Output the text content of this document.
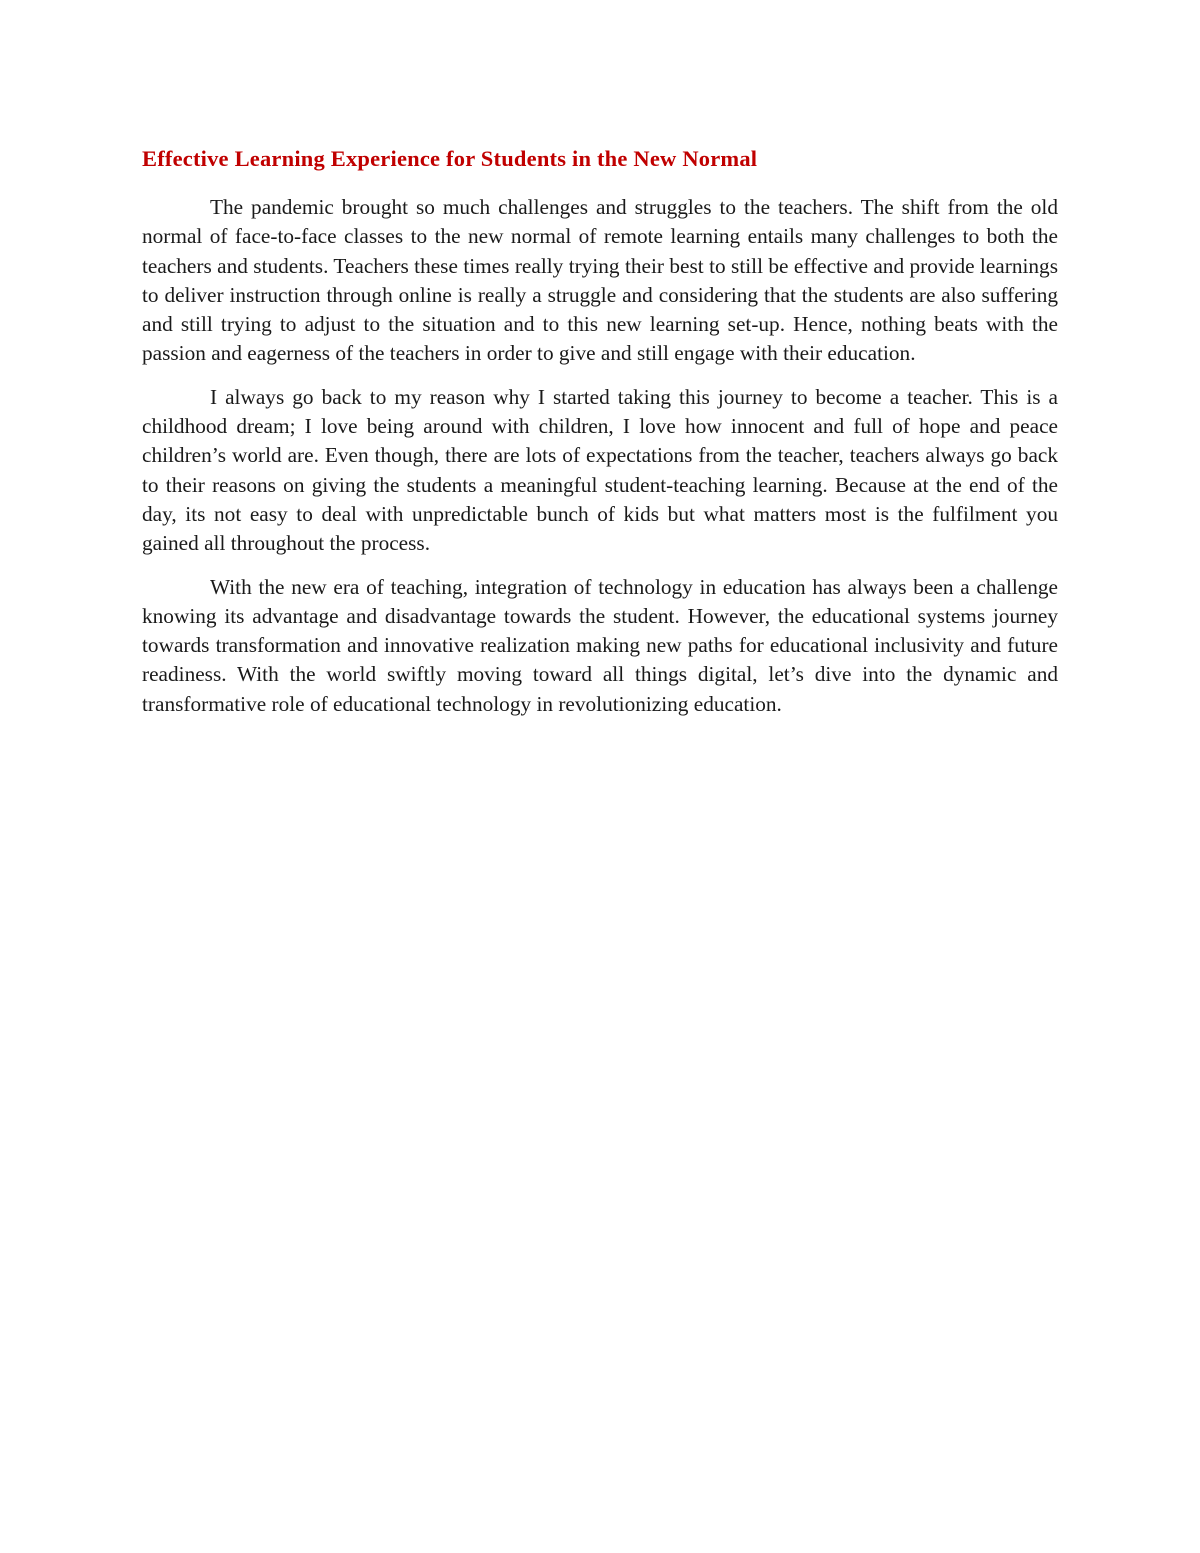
Effective Learning Experience for Students in the New Normal

The pandemic brought so much challenges and struggles to the teachers. The shift from the old normal of face-to-face classes to the new normal of remote learning entails many challenges to both the teachers and students. Teachers these times really trying their best to still be effective and provide learnings to deliver instruction through online is really a struggle and considering that the students are also suffering and still trying to adjust to the situation and to this new learning set-up. Hence, nothing beats with the passion and eagerness of the teachers in order to give and still engage with their education.

I always go back to my reason why I started taking this journey to become a teacher. This is a childhood dream; I love being around with children, I love how innocent and full of hope and peace children’s world are. Even though, there are lots of expectations from the teacher, teachers always go back to their reasons on giving the students a meaningful student-teaching learning. Because at the end of the day, its not easy to deal with unpredictable bunch of kids but what matters most is the fulfilment you gained all throughout the process.

With the new era of teaching, integration of technology in education has always been a challenge knowing its advantage and disadvantage towards the student. However, the educational systems journey towards transformation and innovative realization making new paths for educational inclusivity and future readiness. With the world swiftly moving toward all things digital, let’s dive into the dynamic and transformative role of educational technology in revolutionizing education.
